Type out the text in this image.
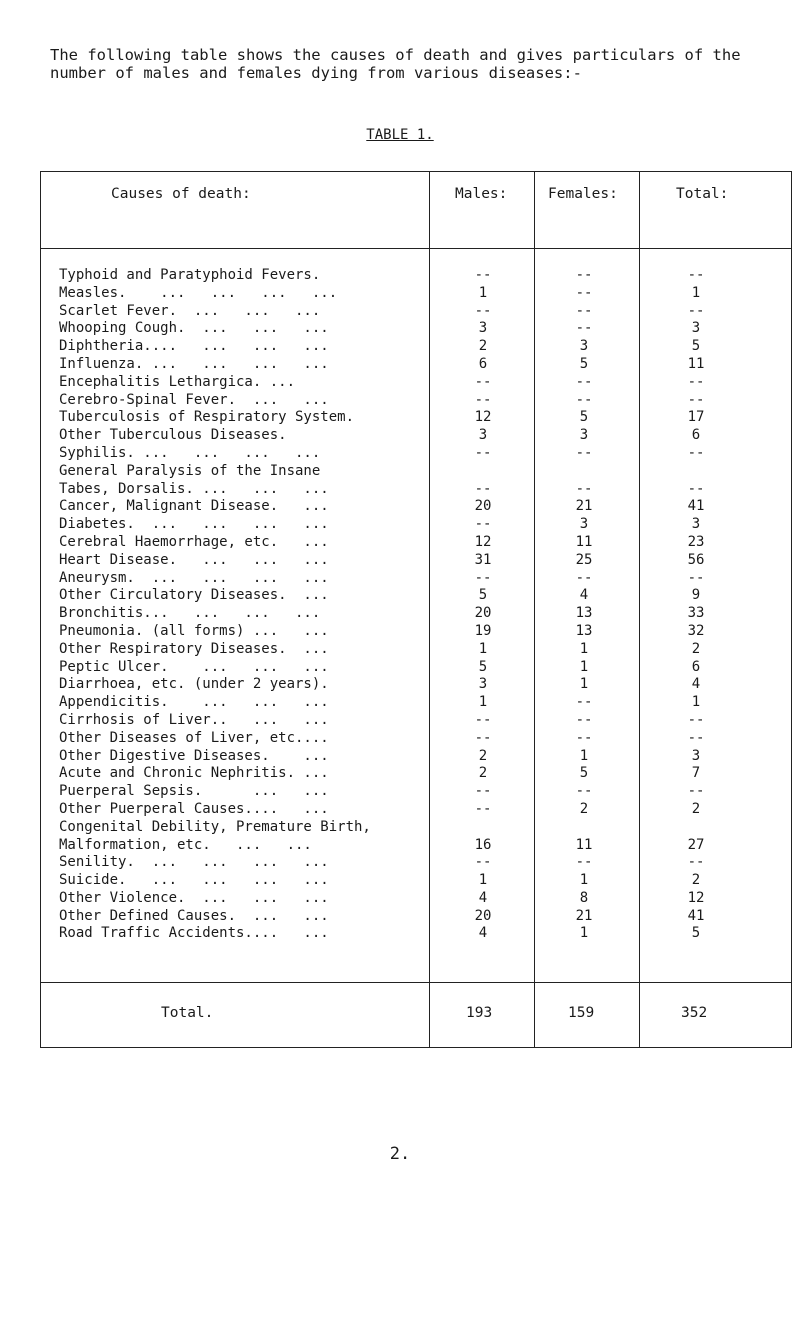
The following table shows the causes of death and gives particulars of the number of males and females dying from various diseases:-

TABLE 1.
Causes of death:	Males:	Females:	Total:
Typhoid and Paratyphoid Fevers.	--	--	--
Measles.    ...   ...   ...   ...	1	--	1
Scarlet Fever.  ...   ...   ...	--	--	--
Whooping Cough.  ...   ...   ...	3	--	3
Diphtheria....   ...   ...   ...	2	3	5
Influenza. ...   ...   ...   ...	6	5	11
Encephalitis Lethargica. ...	--	--	--
Cerebro-Spinal Fever.  ...   ...	--	--	--
Tuberculosis of Respiratory System.	12	5	17
Other Tuberculous Diseases.	3	3	6
Syphilis. ...   ...   ...   ...	--	--	--
General Paralysis of the Insane
Tabes, Dorsalis. ...   ...   ...	--	--	--
Cancer, Malignant Disease.   ...	20	21	41
Diabetes.  ...   ...   ...   ...	--	3	3
Cerebral Haemorrhage, etc.   ...	12	11	23
Heart Disease.   ...   ...   ...	31	25	56
Aneurysm.  ...   ...   ...   ...	--	--	--
Other Circulatory Diseases.  ...	5	4	9
Bronchitis...   ...   ...   ...	20	13	33
Pneumonia. (all forms) ...   ...	19	13	32
Other Respiratory Diseases.  ...	1	1	2
Peptic Ulcer.    ...   ...   ...	5	1	6
Diarrhoea, etc. (under 2 years).	3	1	4
Appendicitis.    ...   ...   ...	1	--	1
Cirrhosis of Liver..   ...   ...	--	--	--
Other Diseases of Liver, etc....	--	--	--
Other Digestive Diseases.    ...	2	1	3
Acute and Chronic Nephritis. ...	2	5	7
Puerperal Sepsis.      ...   ...	--	--	--
Other Puerperal Causes....   ...	--	2	2
Congenital Debility, Premature Birth,
Malformation, etc.   ...   ...	16	11	27
Senility.  ...   ...   ...   ...	--	--	--
Suicide.   ...   ...   ...   ...	1	1	2
Other Violence.  ...   ...   ...	4	8	12
Other Defined Causes.  ...   ...	20	21	41
Road Traffic Accidents....   ...	4	1	5
Total.	193	159	352
2.
